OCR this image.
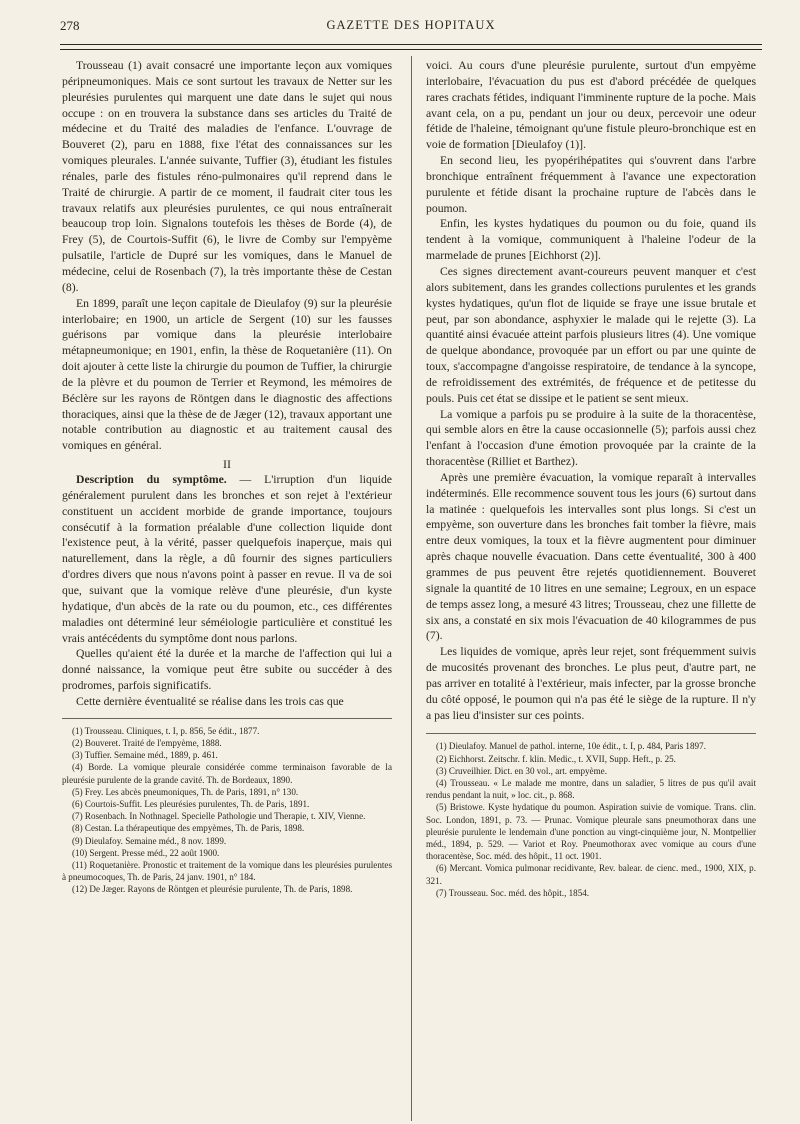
278	GAZETTE DES HOPITAUX

Trousseau (1) avait consacré une importante leçon aux vomiques péripneumoniques. Mais ce sont surtout les travaux de Netter sur les pleurésies purulentes qui marquent une date dans le sujet qui nous occupe : on en trouvera la substance dans ses articles du Traité de médecine et du Traité des maladies de l'enfance. L'ouvrage de Bouveret (2), paru en 1888, fixe l'état des connaissances sur les vomiques pleurales. L'année suivante, Tuffier (3), étudiant les fistules rénales, parle des fistules réno-pulmonaires qu'il reprend dans le Traité de chirurgie. A partir de ce moment, il faudrait citer tous les travaux relatifs aux pleurésies purulentes, ce qui nous entraînerait beaucoup trop loin. Signalons toutefois les thèses de Borde (4), de Frey (5), de Courtois-Suffit (6), le livre de Comby sur l'empyème pulsatile, l'article de Dupré sur les vomiques, dans le Manuel de médecine, celui de Rosenbach (7), la très importante thèse de Cestan (8).

En 1899, paraît une leçon capitale de Dieulafoy (9) sur la pleurésie interlobaire; en 1900, un article de Sergent (10) sur les fausses guérisons par vomique dans la pleurésie interlobaire métapneumonique; en 1901, enfin, la thèse de Roquetanière (11). On doit ajouter à cette liste la chirurgie du poumon de Tuffier, la chirurgie de la plèvre et du poumon de Terrier et Reymond, les mémoires de Béclère sur les rayons de Röntgen dans le diagnostic des affections thoraciques, ainsi que la thèse de de Jæger (12), travaux apportant une notable contribution au diagnostic et au traitement causal des vomiques en général.

II

Description du symptôme. — L'irruption d'un liquide généralement purulent dans les bronches et son rejet à l'extérieur constituent un accident morbide de grande importance, toujours consécutif à la formation préalable d'une collection liquide dont l'existence peut, à la vérité, passer quelquefois inaperçue, mais qui naturellement, dans la règle, a dû fournir des signes particuliers d'ordres divers que nous n'avons point à passer en revue. Il va de soi que, suivant que la vomique relève d'une pleurésie, d'un kyste hydatique, d'un abcès de la rate ou du poumon, etc., ces différentes maladies ont déterminé leur séméiologie particulière et constitué les vrais antécédents du symptôme dont nous parlons.

Quelles qu'aient été la durée et la marche de l'affection qui lui a donné naissance, la vomique peut être subite ou succéder à des prodromes, parfois significatifs.

Cette dernière éventualité se réalise dans les trois cas que

(1) Trousseau. Cliniques, t. I, p. 856, 5e édit., 1877.

(2) Bouveret. Traité de l'empyème, 1888.

(3) Tuffier. Semaine méd., 1889, p. 461.

(4) Borde. La vomique pleurale considérée comme terminaison favorable de la pleurésie purulente de la grande cavité. Th. de Bordeaux, 1890.

(5) Frey. Les abcès pneumoniques, Th. de Paris, 1891, n° 130.

(6) Courtois-Suffit. Les pleurésies purulentes, Th. de Paris, 1891.

(7) Rosenbach. In Nothnagel. Specielle Pathologie und Therapie, t. XIV, Vienne.

(8) Cestan. La thérapeutique des empyèmes, Th. de Paris, 1898.

(9) Dieulafoy. Semaine méd., 8 nov. 1899.

(10) Sergent. Presse méd., 22 août 1900.

(11) Roquetanière. Pronostic et traitement de la vomique dans les pleurésies purulentes à pneumocoques, Th. de Paris, 24 janv. 1901, n° 184.

(12) De Jæger. Rayons de Röntgen et pleurésie purulente, Th. de Paris, 1898.

voici. Au cours d'une pleurésie purulente, surtout d'un empyème interlobaire, l'évacuation du pus est d'abord précédée de quelques rares crachats fétides, indiquant l'imminente rupture de la poche. Mais avant cela, on a pu, pendant un jour ou deux, percevoir une odeur fétide de l'haleine, témoignant qu'une fistule pleuro-bronchique est en voie de formation [Dieulafoy (1)].

En second lieu, les pyopérihépatites qui s'ouvrent dans l'arbre bronchique entraînent fréquemment à l'avance une expectoration purulente et fétide disant la prochaine rupture de l'abcès dans le poumon.

Enfin, les kystes hydatiques du poumon ou du foie, quand ils tendent à la vomique, communiquent à l'haleine l'odeur de la marmelade de prunes [Eichhorst (2)].

Ces signes directement avant-coureurs peuvent manquer et c'est alors subitement, dans les grandes collections purulentes et les grands kystes hydatiques, qu'un flot de liquide se fraye une issue brutale et peut, par son abondance, asphyxier le malade qui le rejette (3). La quantité ainsi évacuée atteint parfois plusieurs litres (4). Une vomique de quelque abondance, provoquée par un effort ou par une quinte de toux, s'accompagne d'angoisse respiratoire, de tendance à la syncope, de refroidissement des extrémités, de fréquence et de petitesse du pouls. Puis cet état se dissipe et le patient se sent mieux.

La vomique a parfois pu se produire à la suite de la thoracentèse, qui semble alors en être la cause occasionnelle (5); parfois aussi chez l'enfant à l'occasion d'une émotion provoquée par la crainte de la thoracentèse (Rilliet et Barthez).

Après une première évacuation, la vomique reparaît à intervalles indéterminés. Elle recommence souvent tous les jours (6) surtout dans la matinée : quelquefois les intervalles sont plus longs. Si c'est un empyème, son ouverture dans les bronches fait tomber la fièvre, mais entre deux vomiques, la toux et la fièvre augmentent pour diminuer après chaque nouvelle évacuation. Dans cette éventualité, 300 à 400 grammes de pus peuvent être rejetés quotidiennement. Bouveret signale la quantité de 10 litres en une semaine; Legroux, en un espace de temps assez long, a mesuré 43 litres; Trousseau, chez une fillette de six ans, a constaté en six mois l'évacuation de 40 kilogrammes de pus (7).

Les liquides de vomique, après leur rejet, sont fréquemment suivis de mucosités provenant des bronches. Le plus peut, d'autre part, ne pas arriver en totalité à l'extérieur, mais infecter, par la grosse bronche du côté opposé, le poumon qui n'a pas été le siège de la rupture. Il n'y a pas lieu d'insister sur ces points.

(1) Dieulafoy. Manuel de pathol. interne, 10e édit., t. I, p. 484, Paris 1897.

(2) Eichhorst. Zeitschr. f. klin. Medic., t. XVII, Supp. Heft., p. 25.

(3) Cruveilhier. Dict. en 30 vol., art. empyème.

(4) Trousseau. « Le malade me montre, dans un saladier, 5 litres de pus qu'il avait rendus pendant la nuit, » loc. cit., p. 868.

(5) Bristowe. Kyste hydatique du poumon. Aspiration suivie de vomique. Trans. clin. Soc. London, 1891, p. 73. — Prunac. Vomique pleurale sans pneumothorax dans une pleurésie purulente le lendemain d'une ponction au vingt-cinquième jour, N. Montpellier méd., 1894, p. 529. — Variot et Roy. Pneumothorax avec vomique au cours d'une thoracentèse, Soc. méd. des hôpit., 11 oct. 1901.

(6) Mercant. Vomica pulmonar recidivante, Rev. balear. de cienc. med., 1900, XIX, p. 321.

(7) Trousseau. Soc. méd. des hôpit., 1854.
